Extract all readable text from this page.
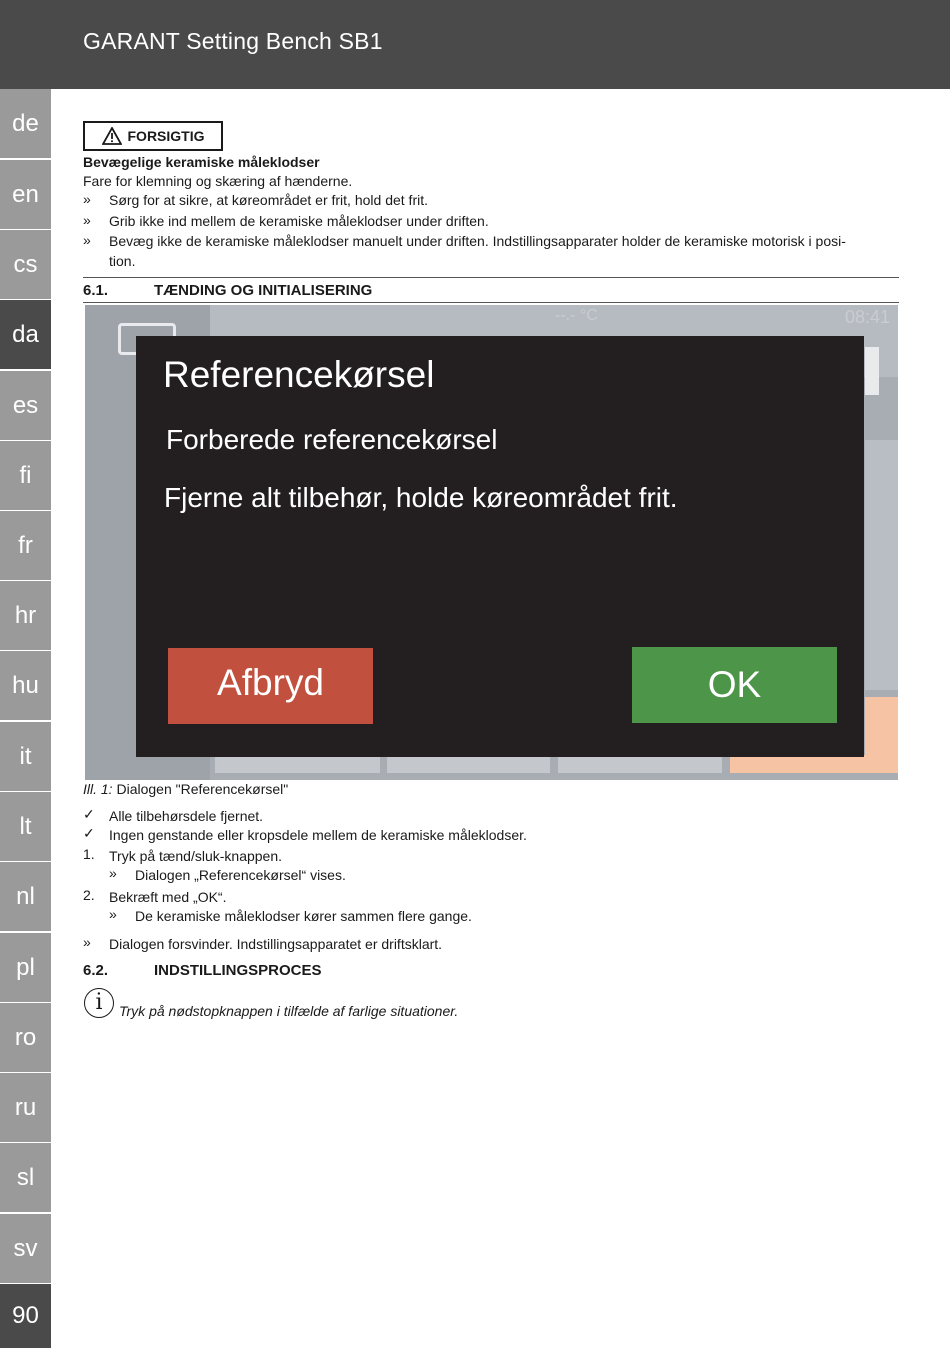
GARANT Setting Bench SB1
de
en
cs
da
es
fi
fr
hr
hu
it
lt
nl
pl
ro
ru
sl
sv
90
FORSIGTIG
Bevægelige keramiske måleklodser
Fare for klemning og skæring af hænderne.
» Sørg for at sikre, at køreområdet er frit, hold det frit.
» Grib ikke ind mellem de keramiske måleklodser under driften.
» Bevæg ikke de keramiske måleklodser manuelt under driften. Indstillingsapparater holder de keramiske motorisk i posi-
tion.
6.1.	TÆNDING OG INITIALISERING
--.- °C	08:41
Referencekørsel
Forberede referencekørsel
Fjerne alt tilbehør, holde køreområdet frit.
Afbryd	OK
Ill. 1: Dialogen "Referencekørsel"
✓ Alle tilbehørsdele fjernet.
✓ Ingen genstande eller kropsdele mellem de keramiske måleklodser.
1. Tryk på tænd/sluk-knappen.
» Dialogen „Referencekørsel“ vises.
2. Bekræft med „OK“.
» De keramiske måleklodser kører sammen flere gange.
» Dialogen forsvinder. Indstillingsapparatet er driftsklart.
6.2.	INDSTILLINGSPROCES
i	Tryk på nødstopknappen i tilfælde af farlige situationer.
